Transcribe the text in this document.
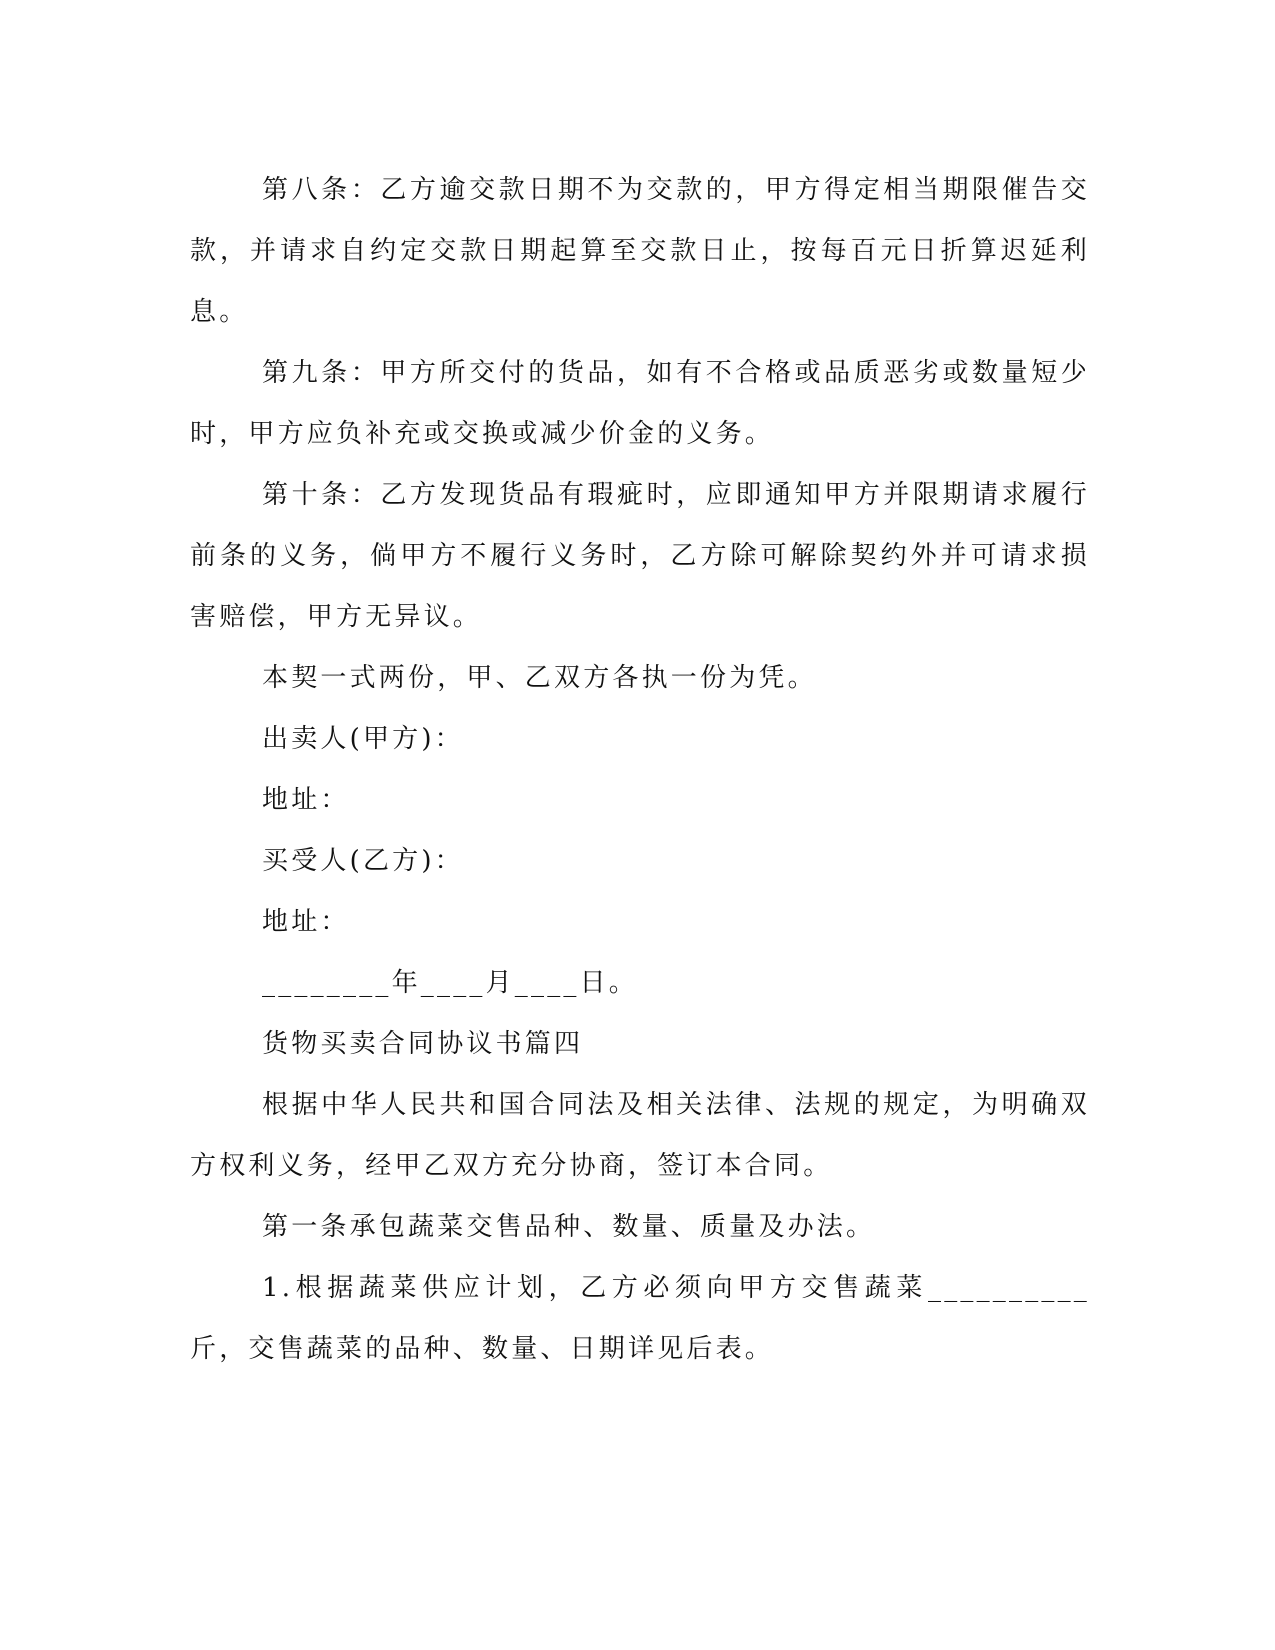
第八条：乙方逾交款日期不为交款的，甲方得定相当期限催告交款，并请求自约定交款日期起算至交款日止，按每百元日折算迟延利息。

第九条：甲方所交付的货品，如有不合格或品质恶劣或数量短少时，甲方应负补充或交换或减少价金的义务。

第十条：乙方发现货品有瑕疵时，应即通知甲方并限期请求履行前条的义务，倘甲方不履行义务时，乙方除可解除契约外并可请求损害赔偿，甲方无异议。

本契一式两份，甲、乙双方各执一份为凭。

出卖人(甲方)：

地址：

买受人(乙方)：

地址：

________年____月____日。

货物买卖合同协议书篇四

根据中华人民共和国合同法及相关法律、法规的规定，为明确双方权利义务，经甲乙双方充分协商，签订本合同。

第一条承包蔬菜交售品种、数量、质量及办法。

1.根据蔬菜供应计划，乙方必须向甲方交售蔬菜__________斤，交售蔬菜的品种、数量、日期详见后表。
